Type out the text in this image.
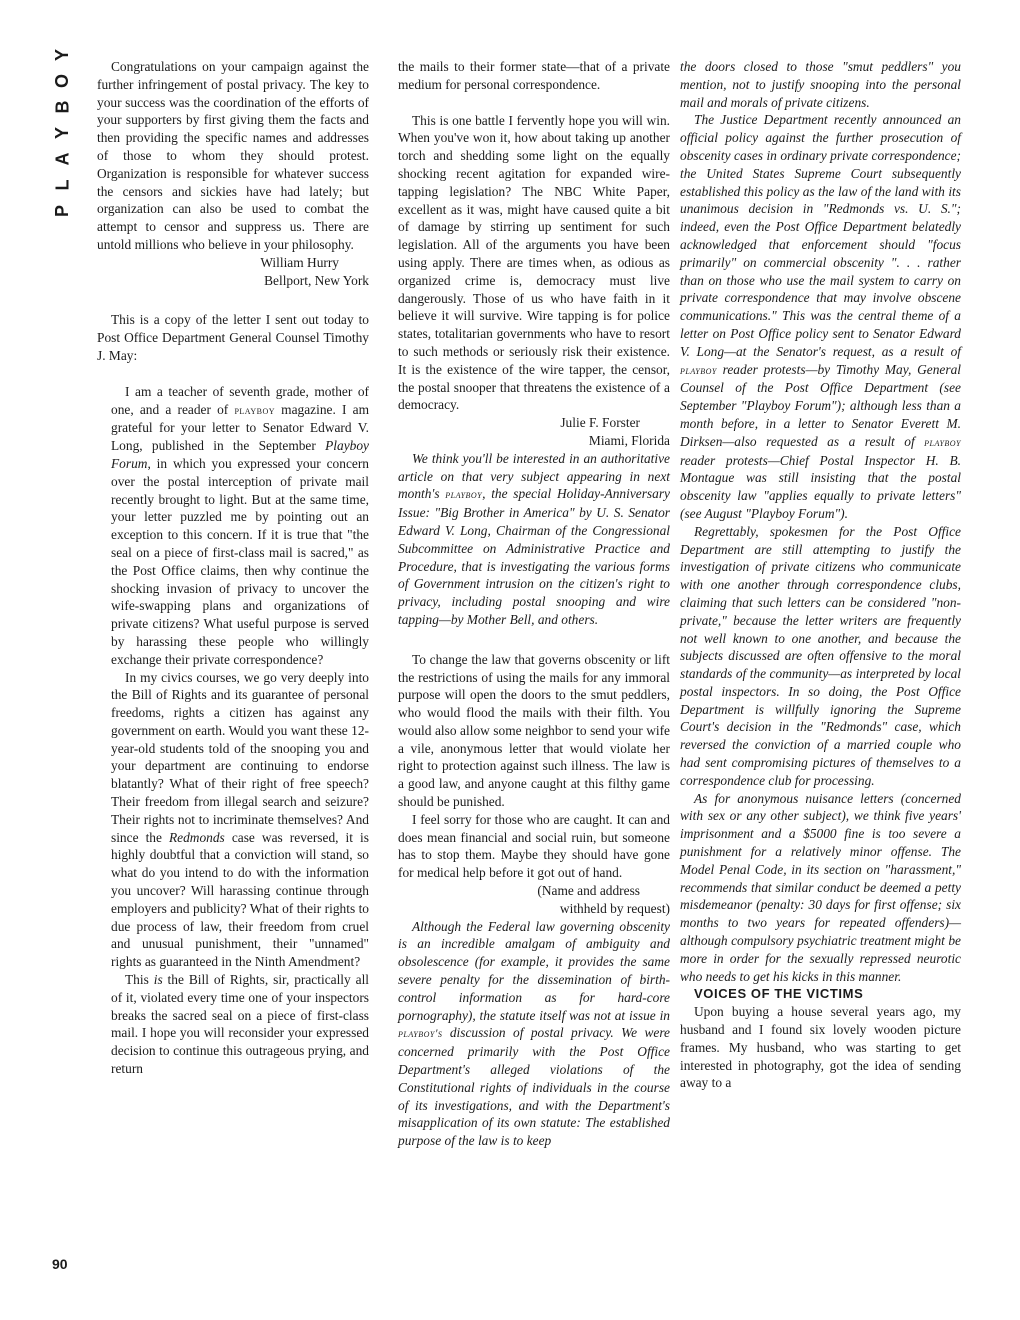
Y
O
B
Y
A
L
P
90

Congratulations on your campaign against the further infringement of postal privacy. The key to your success was the coordination of the efforts of your supporters by first giving them the facts and then providing the specific names and addresses of those to whom they should protest. Organization is responsible for whatever success the censors and sickies have had lately; but organization can also be used to combat the attempt to censor and suppress us. There are untold millions who believe in your philosophy.

William Hurry
Bellport, New York

This is a copy of the letter I sent out today to Post Office Department General Counsel Timothy J. May:

I am a teacher of seventh grade, mother of one, and a reader of playboy magazine. I am grateful for your letter to Senator Edward V. Long, published in the September Playboy Forum, in which you expressed your concern over the postal interception of private mail recently brought to light. But at the same time, your letter puzzled me by pointing out an exception to this concern. If it is true that "the seal on a piece of first-class mail is sacred," as the Post Office claims, then why continue the shocking invasion of privacy to uncover the wife-swapping plans and organizations of private citizens? What useful purpose is served by harassing these people who willingly exchange their private correspondence?

In my civics courses, we go very deeply into the Bill of Rights and its guarantee of personal freedoms, rights a citizen has against any government on earth. Would you want these 12-year-old students told of the snooping you and your department are continuing to endorse blatantly? What of their right of free speech? Their freedom from illegal search and seizure? Their rights not to incriminate themselves? And since the Redmonds case was reversed, it is highly doubtful that a conviction will stand, so what do you intend to do with the information you uncover? Will harassing continue through employers and publicity? What of their rights to due process of law, their freedom from cruel and unusual punishment, their "unnamed" rights as guaranteed in the Ninth Amendment?

This is the Bill of Rights, sir, practically all of it, violated every time one of your inspectors breaks the sacred seal on a piece of first-class mail. I hope you will reconsider your expressed decision to continue this outrageous prying, and return

the mails to their former state—that of a private medium for personal correspondence.

This is one battle I fervently hope you will win. When you've won it, how about taking up another torch and shedding some light on the equally shocking recent agitation for expanded wire-tapping legislation? The NBC White Paper, excellent as it was, might have caused quite a bit of damage by stirring up sentiment for such legislation. All of the arguments you have been using apply. There are times when, as odious as organized crime is, democracy must live dangerously. Those of us who have faith in it believe it will survive. Wire tapping is for police states, totalitarian governments who have to resort to such methods or seriously risk their existence. It is the existence of the wire tapper, the censor, the postal snooper that threatens the existence of a democracy.

Julie F. Forster
Miami, Florida

We think you'll be interested in an authoritative article on that very subject appearing in next month's playboy, the special Holiday-Anniversary Issue: "Big Brother in America" by U. S. Senator Edward V. Long, Chairman of the Congressional Subcommittee on Administrative Practice and Procedure, that is investigating the various forms of Government intrusion on the citizen's right to privacy, including postal snooping and wire tapping—by Mother Bell, and others.

To change the law that governs obscenity or lift the restrictions of using the mails for any immoral purpose will open the doors to the smut peddlers, who would flood the mails with their filth. You would also allow some neighbor to send your wife a vile, anonymous letter that would violate her right to protection against such illness. The law is a good law, and anyone caught at this filthy game should be punished.

I feel sorry for those who are caught. It can and does mean financial and social ruin, but someone has to stop them. Maybe they should have gone for medical help before it got out of hand.

(Name and address
withheld by request)

Although the Federal law governing obscenity is an incredible amalgam of ambiguity and obsolescence (for example, it provides the same severe penalty for the dissemination of birth-control information as for hard-core pornography), the statute itself was not at issue in playboy's discussion of postal privacy. We were concerned primarily with the Post Office Department's alleged violations of the Constitutional rights of individuals in the course of its investigations, and with the Department's misapplication of its own statute: The established purpose of the law is to keep

the doors closed to those "smut peddlers" you mention, not to justify snooping into the personal mail and morals of private citizens.

The Justice Department recently announced an official policy against the further prosecution of obscenity cases in ordinary private correspondence; the United States Supreme Court subsequently established this policy as the law of the land with its unanimous decision in "Redmonds vs. U. S."; indeed, even the Post Office Department belatedly acknowledged that enforcement should "focus primarily" on commercial obscenity ". . . rather than on those who use the mail system to carry on private correspondence that may involve obscene communications." This was the central theme of a letter on Post Office policy sent to Senator Edward V. Long—at the Senator's request, as a result of playboy reader protests—by Timothy May, General Counsel of the Post Office Department (see September "Playboy Forum"); although less than a month before, in a letter to Senator Everett M. Dirksen—also requested as a result of playboy reader protests—Chief Postal Inspector H. B. Montague was still insisting that the postal obscenity law "applies equally to private letters" (see August "Playboy Forum").

Regrettably, spokesmen for the Post Office Department are still attempting to justify the investigation of private citizens who communicate with one another through correspondence clubs, claiming that such letters can be considered "non-private," because the letter writers are frequently not well known to one another, and because the subjects discussed are often offensive to the moral standards of the community—as interpreted by local postal inspectors. In so doing, the Post Office Department is willfully ignoring the Supreme Court's decision in the "Redmonds" case, which reversed the conviction of a married couple who had sent compromising pictures of themselves to a correspondence club for processing.

As for anonymous nuisance letters (concerned with sex or any other subject), we think five years' imprisonment and a $5000 fine is too severe a punishment for a relatively minor offense. The Model Penal Code, in its section on "harassment," recommends that similar conduct be deemed a petty misdemeanor (penalty: 30 days for first offense; six months to two years for repeated offenders)—although compulsory psychiatric treatment might be more in order for the sexually repressed neurotic who needs to get his kicks in this manner.

VOICES OF THE VICTIMS

Upon buying a house several years ago, my husband and I found six lovely wooden picture frames. My husband, who was starting to get interested in photography, got the idea of sending away to a
